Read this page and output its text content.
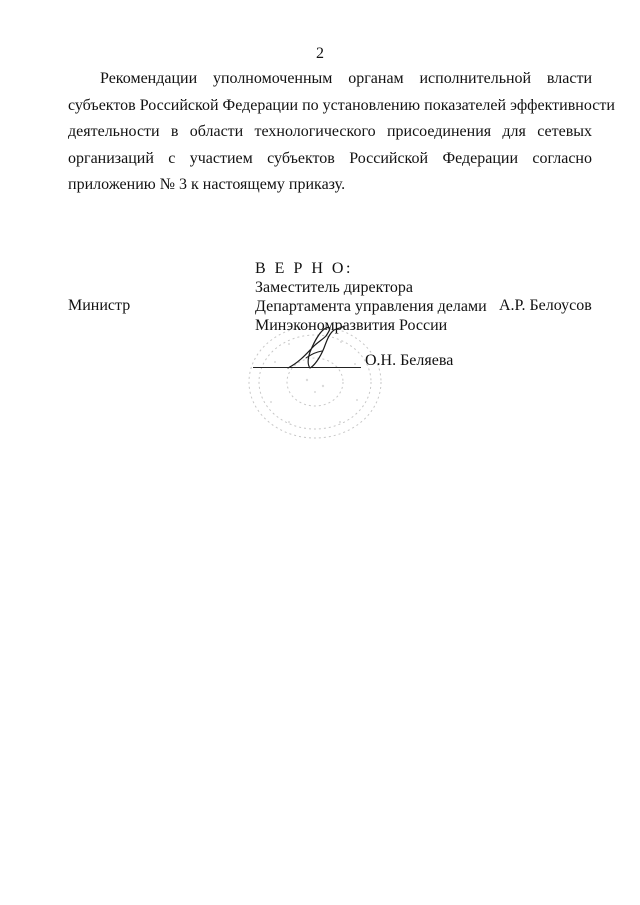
2
Рекомендации уполномоченным органам исполнительной власти
субъектов Российской Федерации по установлению показателей эффективности
деятельности в области технологического присоединения для сетевых
организаций с участием субъектов Российской Федерации согласно
приложению № 3 к настоящему приказу.
Министр
В Е Р Н О:
Заместитель директора
Департамента управления делами
Минэкономразвития России
А.Р. Белоусов
О.Н. Беляева
